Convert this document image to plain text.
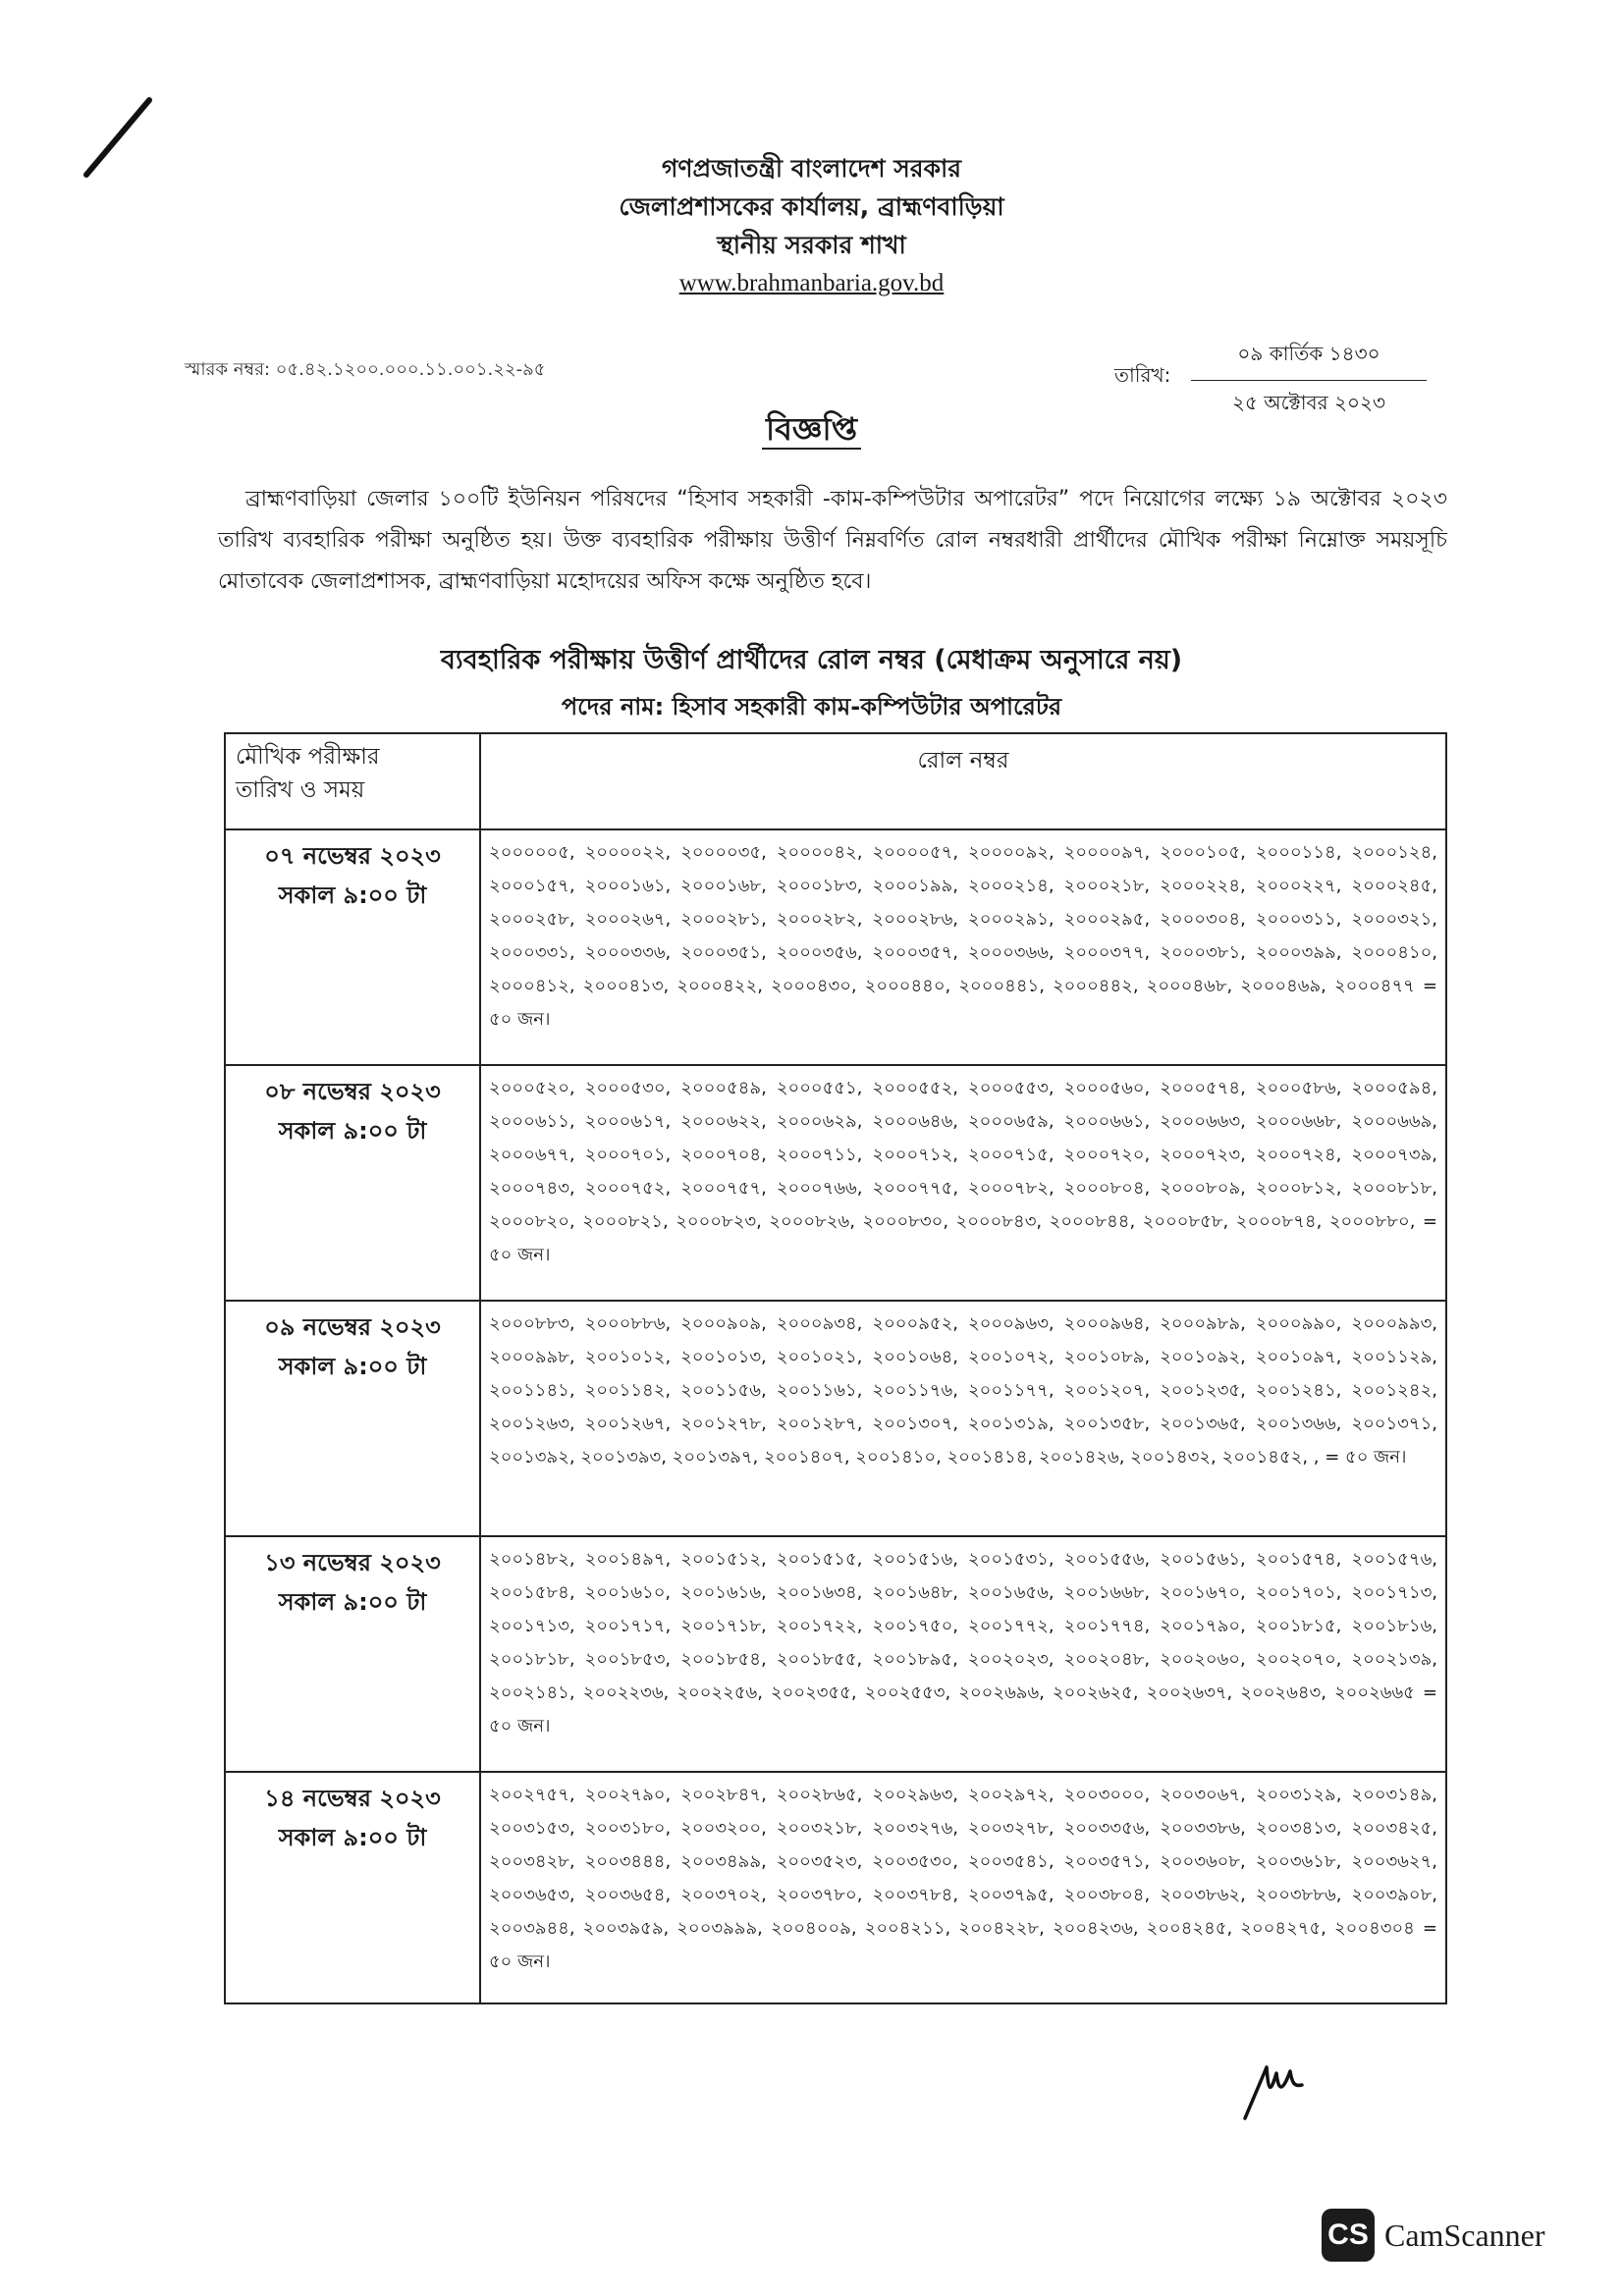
গণপ্রজাতন্ত্রী বাংলাদেশ সরকার
জেলাপ্রশাসকের কার্যালয়, ব্রাহ্মণবাড়িয়া
স্থানীয় সরকার শাখা
www.brahmanbaria.gov.bd
স্মারক নম্বর: ০৫.৪২.১২০০.০০০.১১.০০১.২২-৯৫	তারিখ:
০৯ কার্তিক ১৪৩০
২৫ অক্টোবর ২০২৩
বিজ্ঞপ্তি
ব্রাহ্মণবাড়িয়া জেলার ১০০টি ইউনিয়ন পরিষদের “হিসাব সহকারী -কাম-কম্পিউটার অপারেটর” পদে নিয়োগের লক্ষ্যে ১৯ অক্টোবর ২০২৩ তারিখ ব্যবহারিক পরীক্ষা অনুষ্ঠিত হয়। উক্ত ব্যবহারিক পরীক্ষায় উত্তীর্ণ নিম্নবর্ণিত রোল নম্বরধারী প্রার্থীদের মৌখিক পরীক্ষা নিম্নোক্ত সময়সূচি মোতাবেক জেলাপ্রশাসক, ব্রাহ্মণবাড়িয়া মহোদয়ের অফিস কক্ষে অনুষ্ঠিত হবে।
ব্যবহারিক পরীক্ষায় উত্তীর্ণ প্রার্থীদের রোল নম্বর (মেধাক্রম অনুসারে নয়)
পদের নাম: হিসাব সহকারী কাম-কম্পিউটার অপারেটর
মৌখিক পরীক্ষার
তারিখ ও সময়	রোল নম্বর

০৭ নভেম্বর ২০২৩
সকাল ৯:০০ টা	২০০০০০৫, ২০০০০২২, ২০০০০৩৫, ২০০০০৪২, ২০০০০৫৭, ২০০০০৯২, ২০০০০৯৭, ২০০০১০৫, ২০০০১১৪, ২০০০১২৪, ২০০০১৫৭, ২০০০১৬১, ২০০০১৬৮, ২০০০১৮৩, ২০০০১৯৯, ২০০০২১৪, ২০০০২১৮, ২০০০২২৪, ২০০০২২৭, ২০০০২৪৫, ২০০০২৫৮, ২০০০২৬৭, ২০০০২৮১, ২০০০২৮২, ২০০০২৮৬, ২০০০২৯১, ২০০০২৯৫, ২০০০৩০৪, ২০০০৩১১, ২০০০৩২১, ২০০০৩৩১, ২০০০৩৩৬, ২০০০৩৫১, ২০০০৩৫৬, ২০০০৩৫৭, ২০০০৩৬৬, ২০০০৩৭৭, ২০০০৩৮১, ২০০০৩৯৯, ২০০০৪১০, ২০০০৪১২, ২০০০৪১৩, ২০০০৪২২, ২০০০৪৩০, ২০০০৪৪০, ২০০০৪৪১, ২০০০৪৪২, ২০০০৪৬৮, ২০০০৪৬৯, ২০০০৪৭৭ = ৫০ জন।

০৮ নভেম্বর ২০২৩
সকাল ৯:০০ টা	২০০০৫২০, ২০০০৫৩০, ২০০০৫৪৯, ২০০০৫৫১, ২০০০৫৫২, ২০০০৫৫৩, ২০০০৫৬০, ২০০০৫৭৪, ২০০০৫৮৬, ২০০০৫৯৪, ২০০০৬১১, ২০০০৬১৭, ২০০০৬২২, ২০০০৬২৯, ২০০০৬৪৬, ২০০০৬৫৯, ২০০০৬৬১, ২০০০৬৬৩, ২০০০৬৬৮, ২০০০৬৬৯, ২০০০৬৭৭, ২০০০৭০১, ২০০০৭০৪, ২০০০৭১১, ২০০০৭১২, ২০০০৭১৫, ২০০০৭২০, ২০০০৭২৩, ২০০০৭২৪, ২০০০৭৩৯, ২০০০৭৪৩, ২০০০৭৫২, ২০০০৭৫৭, ২০০০৭৬৬, ২০০০৭৭৫, ২০০০৭৮২, ২০০০৮০৪, ২০০০৮০৯, ২০০০৮১২, ২০০০৮১৮, ২০০০৮২০, ২০০০৮২১, ২০০০৮২৩, ২০০০৮২৬, ২০০০৮৩০, ২০০০৮৪৩, ২০০০৮৪৪, ২০০০৮৫৮, ২০০০৮৭৪, ২০০০৮৮০, = ৫০ জন।

০৯ নভেম্বর ২০২৩
সকাল ৯:০০ টা	২০০০৮৮৩, ২০০০৮৮৬, ২০০০৯০৯, ২০০০৯৩৪, ২০০০৯৫২, ২০০০৯৬৩, ২০০০৯৬৪, ২০০০৯৮৯, ২০০০৯৯০, ২০০০৯৯৩, ২০০০৯৯৮, ২০০১০১২, ২০০১০১৩, ২০০১০২১, ২০০১০৬৪, ২০০১০৭২, ২০০১০৮৯, ২০০১০৯২, ২০০১০৯৭, ২০০১১২৯, ২০০১১৪১, ২০০১১৪২, ২০০১১৫৬, ২০০১১৬১, ২০০১১৭৬, ২০০১১৭৭, ২০০১২০৭, ২০০১২৩৫, ২০০১২৪১, ২০০১২৪২, ২০০১২৬৩, ২০০১২৬৭, ২০০১২৭৮, ২০০১২৮৭, ২০০১৩০৭, ২০০১৩১৯, ২০০১৩৫৮, ২০০১৩৬৫, ২০০১৩৬৬, ২০০১৩৭১, ২০০১৩৯২, ২০০১৩৯৩, ২০০১৩৯৭, ২০০১৪০৭, ২০০১৪১০, ২০০১৪১৪, ২০০১৪২৬, ২০০১৪৩২, ২০০১৪৫২, , = ৫০ জন।

১৩ নভেম্বর ২০২৩
সকাল ৯:০০ টা	২০০১৪৮২, ২০০১৪৯৭, ২০০১৫১২, ২০০১৫১৫, ২০০১৫১৬, ২০০১৫৩১, ২০০১৫৫৬, ২০০১৫৬১, ২০০১৫৭৪, ২০০১৫৭৬, ২০০১৫৮৪, ২০০১৬১০, ২০০১৬১৬, ২০০১৬৩৪, ২০০১৬৪৮, ২০০১৬৫৬, ২০০১৬৬৮, ২০০১৬৭০, ২০০১৭০১, ২০০১৭১৩, ২০০১৭১৩, ২০০১৭১৭, ২০০১৭১৮, ২০০১৭২২, ২০০১৭৫০, ২০০১৭৭২, ২০০১৭৭৪, ২০০১৭৯০, ২০০১৮১৫, ২০০১৮১৬, ২০০১৮১৮, ২০০১৮৫৩, ২০০১৮৫৪, ২০০১৮৫৫, ২০০১৮৯৫, ২০০২০২৩, ২০০২০৪৮, ২০০২০৬০, ২০০২০৭০, ২০০২১৩৯, ২০০২১৪১, ২০০২২৩৬, ২০০২২৫৬, ২০০২৩৫৫, ২০০২৫৫৩, ২০০২৬৯৬, ২০০২৬২৫, ২০০২৬৩৭, ২০০২৬৪৩, ২০০২৬৬৫ = ৫০ জন।

১৪ নভেম্বর ২০২৩
সকাল ৯:০০ টা	২০০২৭৫৭, ২০০২৭৯০, ২০০২৮৪৭, ২০০২৮৬৫, ২০০২৯৬৩, ২০০২৯৭২, ২০০৩০০০, ২০০৩০৬৭, ২০০৩১২৯, ২০০৩১৪৯, ২০০৩১৫৩, ২০০৩১৮০, ২০০৩২০০, ২০০৩২১৮, ২০০৩২৭৬, ২০০৩২৭৮, ২০০৩৩৫৬, ২০০৩৩৮৬, ২০০৩৪১৩, ২০০৩৪২৫, ২০০৩৪২৮, ২০০৩৪৪৪, ২০০৩৪৯৯, ২০০৩৫২৩, ২০০৩৫৩০, ২০০৩৫৪১, ২০০৩৫৭১, ২০০৩৬০৮, ২০০৩৬১৮, ২০০৩৬২৭, ২০০৩৬৫৩, ২০০৩৬৫৪, ২০০৩৭০২, ২০০৩৭৮০, ২০০৩৭৮৪, ২০০৩৭৯৫, ২০০৩৮০৪, ২০০৩৮৬২, ২০০৩৮৮৬, ২০০৩৯০৮, ২০০৩৯৪৪, ২০০৩৯৫৯, ২০০৩৯৯৯, ২০০৪০০৯, ২০০৪২১১, ২০০৪২২৮, ২০০৪২৩৬, ২০০৪২৪৫, ২০০৪২৭৫, ২০০৪৩০৪ = ৫০ জন।
CS CamScanner
